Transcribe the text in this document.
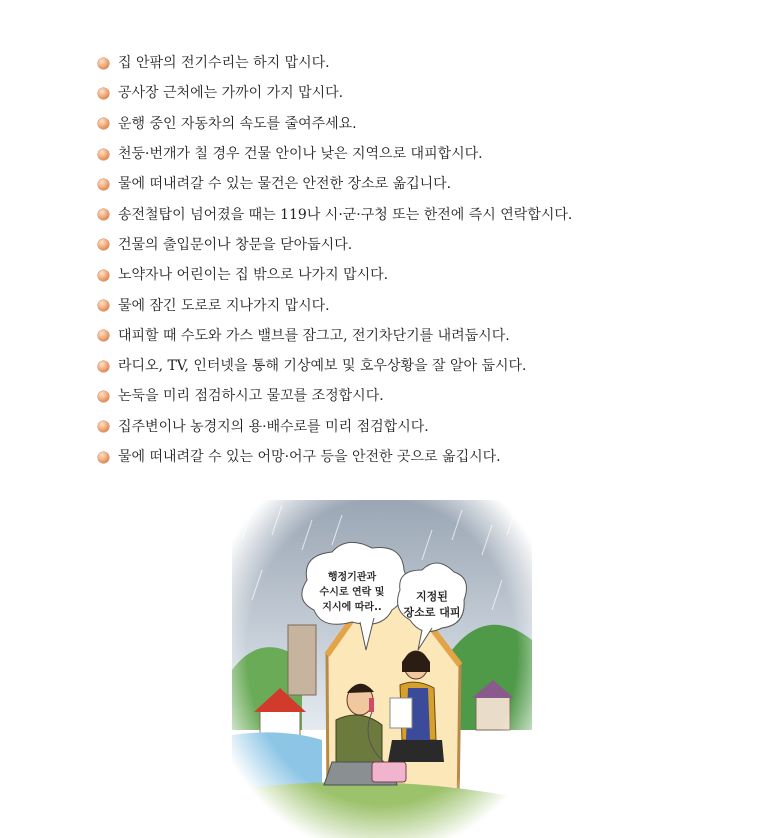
집 안팎의 전기수리는 하지 맙시다.
공사장 근처에는 가까이 가지 맙시다.
운행 중인 자동차의 속도를 줄여주세요.
천둥·번개가 칠 경우 건물 안이나 낮은 지역으로 대피합시다.
물에 떠내려갈 수 있는 물건은 안전한 장소로 옮깁니다.
송전철탑이 넘어졌을 때는 119나 시·군·구청 또는 한전에 즉시 연락합시다.
건물의 출입문이나 창문을 닫아둡시다.
노약자나 어린이는 집 밖으로 나가지 맙시다.
물에 잠긴 도로로 지나가지 맙시다.
대피할 때 수도와 가스 밸브를 잠그고, 전기차단기를 내려둡시다.
라디오, TV, 인터넷을 통해 기상예보 및 호우상황을 잘 알아 둡시다.
논둑을 미리 점검하시고 물꼬를 조정합시다.
집주변이나 농경지의 용·배수로를 미리 점검합시다.
물에 떠내려갈 수 있는 어망·어구 등을 안전한 곳으로 옮깁시다.
